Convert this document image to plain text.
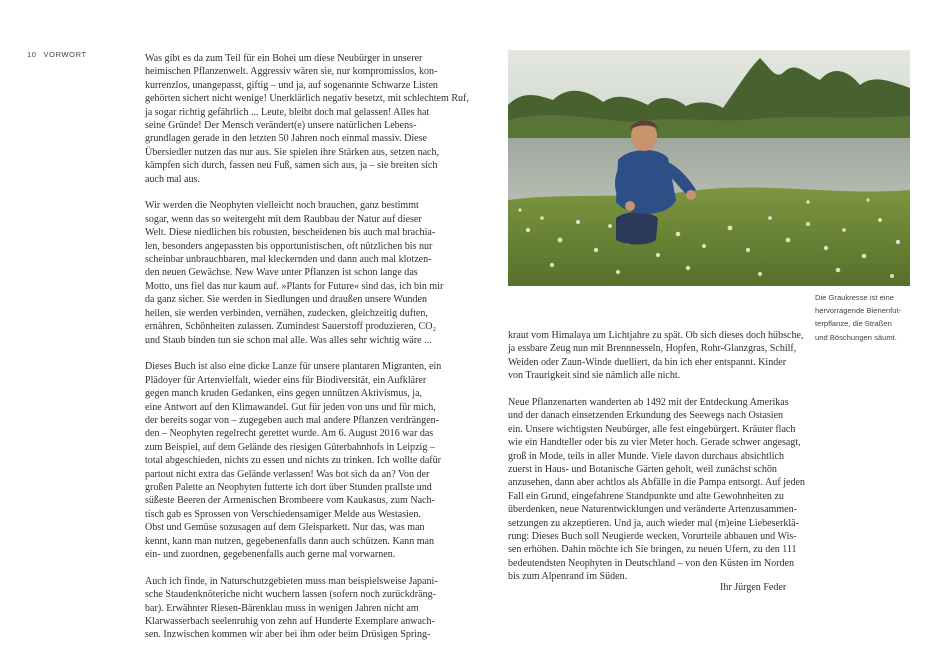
10 VORWORT	Was gibt es da zum Teil für ein Bohei um diese Neubürger in unserer
heimischen Pflanzenwelt. Aggressiv wären sie, nur kompromisslos, kon-
kurrenzlos, unangepasst, giftig – und ja, auf sogenannte Schwarze Listen
gehörten sichert nicht wenige! Unerklärlich negativ besetzt, mit schlechtem Ruf,
ja sogar richtig gefährlich ... Leute, bleibt doch mal gelassen! Alles hat
seine Gründe! Der Mensch verändert(e) unsere natürlichen Lebens-
grundlagen gerade in den letzten 50 Jahren noch einmal massiv. Diese
Übersiedler nutzen das nur aus. Sie spielen ihre Stärken aus, setzen nach,
kämpfen sich durch, fassen neu Fuß, samen sich aus, ja – sie breiten sich
auch mal aus.

Wir werden die Neophyten vielleicht noch brauchen, ganz bestimmt
sogar, wenn das so weitergeht mit dem Raubbau der Natur auf dieser
Welt. Diese niedlichen bis robusten, bescheidenen bis auch mal brachia-
len, besonders angepassten bis opportunistischen, oft nützlichen bis nur
scheinbar unbrauchbaren, mal kleckernden und dann auch mal klotzen-
den neuen Gewächse. New Wave unter Pflanzen ist schon lange das
Motto, uns fiel das nur kaum auf. »Plants for Future« sind das, ich bin mir
da ganz sicher. Sie werden in Siedlungen und draußen unsere Wunden
heilen, sie werden verbinden, vernähen, zudecken, gleichzeitig duften,
ernähren, Schönheiten zulassen. Zumindest Sauerstoff produzieren, CO₂
und Staub binden tun sie schon mal alle. Was alles sehr wichtig wäre ...

Dieses Buch ist also eine dicke Lanze für unsere plantaren Migranten, ein
Plädoyer für Artenvielfalt, wieder eins für Biodiversität, ein Aufklärer
gegen manch kruden Gedanken, eins gegen unnützen Aktivismus, ja,
eine Antwort auf den Klimawandel. Gut für jeden von uns und für mich,
der bereits sogar von – zugegeben auch mal andere Pflanzen verdrängen-
den – Neophyten regelrecht gerettet wurde. Am 6. August 2016 war das
zum Beispiel, auf dem Gelände des riesigen Güterbahnhofs in Leipzig –
total abgeschieden, nichts zu essen und nichts zu trinken. Ich wollte dafür
partout nicht extra das Gelände verlassen! Was bot sich da an? Von der
großen Palette an Neophyten futterte ich dort über Stunden prallste und
süßeste Beeren der Armenischen Brombeere vom Kaukasus, zum Nach-
tisch gab es Sprossen von Verschiedensamiger Melde aus Westasien.
Obst und Gemüse sozusagen auf dem Gleisparkett. Nur das, was man
kennt, kann man nutzen, gegebenenfalls dann auch schützen. Kann man
ein- und zuordnen, gegebenenfalls auch gerne mal vorwarnen.

Auch ich finde, in Naturschutzgebieten muss man beispielsweise Japani-
sche Staudenknöteriche nicht wuchern lassen (sofern noch zurückdräng-
bar). Erwähnter Riesen-Bärenklau muss in wenigen Jahren nicht am
Klarwasserbach seelenruhig von zehn auf Hunderte Exemplare anwach-
sen. Inzwischen kommen wir aber bei ihm oder beim Drüsigen Spring-

kraut vom Himalaya um Lichtjahre zu spät. Ob sich dieses doch hübsche,
ja essbare Zeug nun mit Brennnesseln, Hopfen, Rohr-Glanzgras, Schilf,
Weiden oder Zaun-Winde duelliert, da bin ich eher entspannt. Kinder
von Traurigkeit sind sie nämlich alle nicht.

Neue Pflanzenarten wanderten ab 1492 mit der Entdeckung Amerikas
und der danach einsetzenden Erkundung des Seewegs nach Ostasien
ein. Unsere wichtigsten Neubürger, alle fest eingebürgert. Kräuter flach
wie ein Handteller oder bis zu vier Meter hoch. Gerade schwer angesagt,
groß in Mode, teils in aller Munde. Viele davon durchaus absichtlich
zuerst in Haus- und Botanische Gärten geholt, weil zunächst schön
anzusehen, dann aber achtlos als Abfälle in die Pampa entsorgt. Auf jeden
Fall ein Grund, eingefahrene Standpunkte und alte Gewohnheiten zu
überdenken, neue Naturentwicklungen und veränderte Artenzusammen-
setzungen zu akzeptieren. Und ja, auch wieder mal (m)eine Liebeserklä-
rung: Dieses Buch soll Neugierde wecken, Vorurteile abbauen und Wis-
sen erhöhen. Dahin möchte ich Sie bringen, zu neuen Ufern, zu den 111
bedeutendsten Neophyten in Deutschland – von den Küsten im Norden
bis zum Alpenrand im Süden.

Ihr Jürgen Feder
Die Graukresse ist eine
hervorragende Bienenfut-
terpflanze, die Straßen
und Böschungen säumt.
